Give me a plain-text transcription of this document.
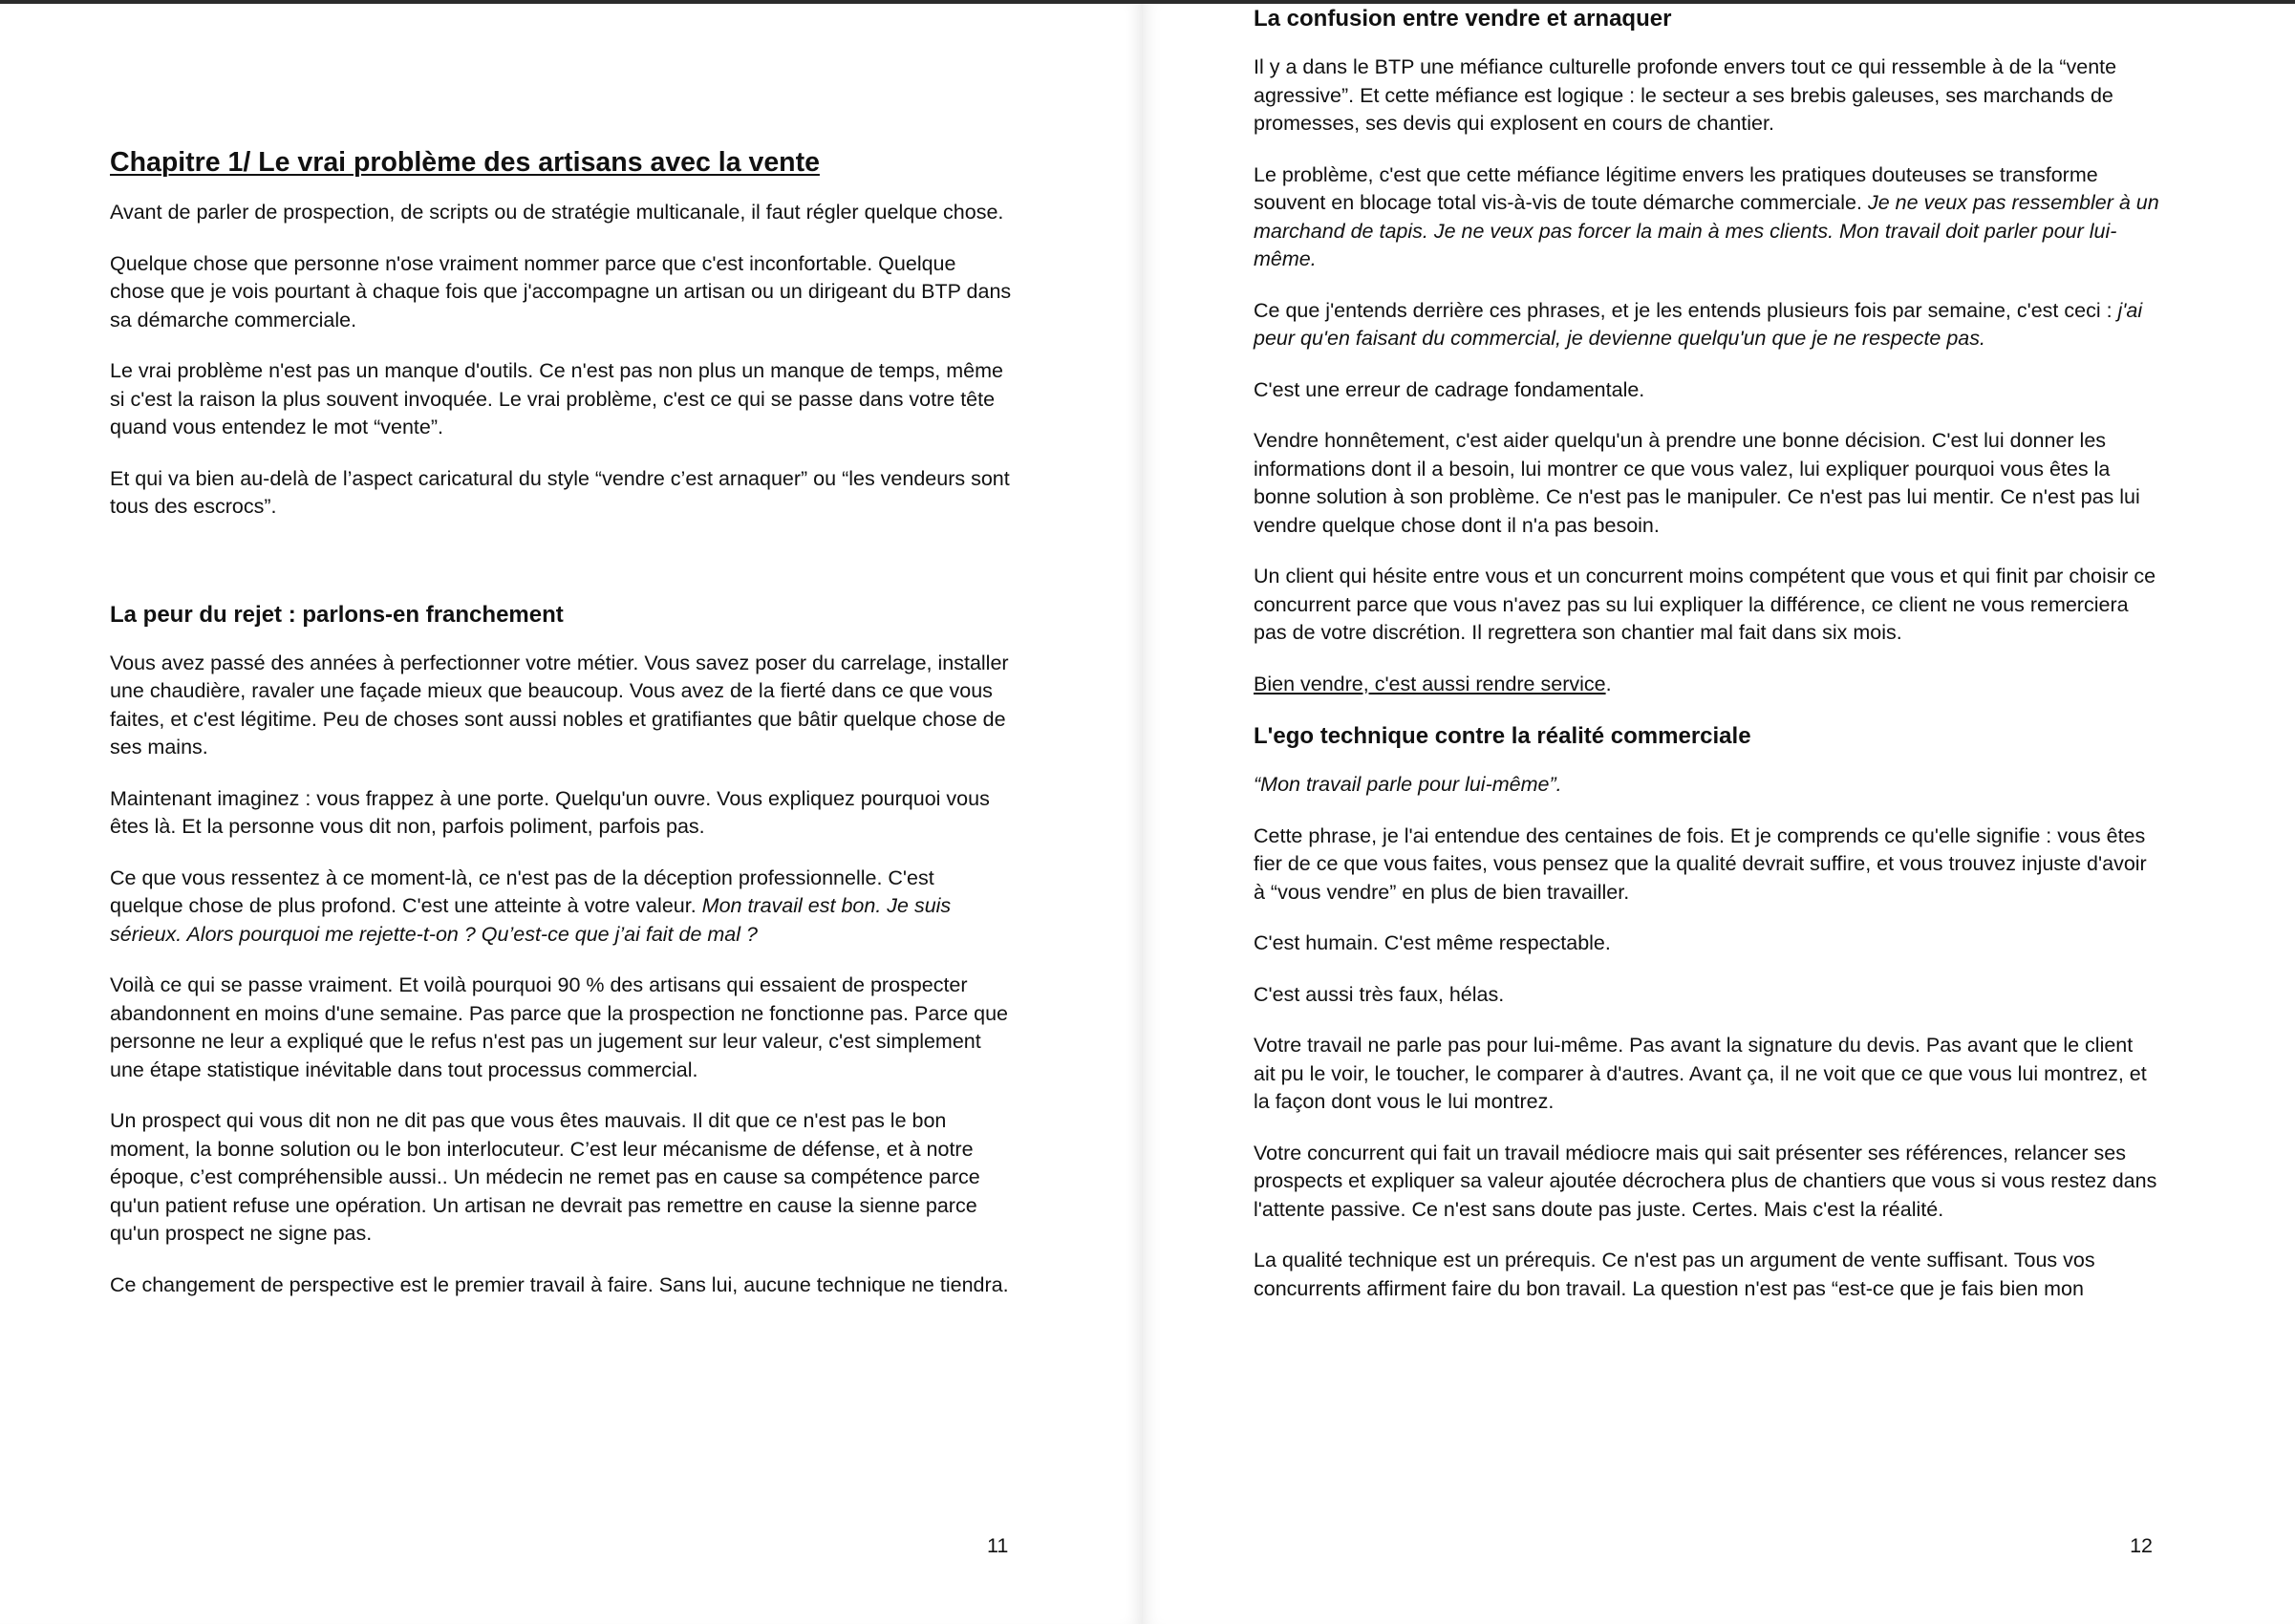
Chapitre 1/ Le vrai problème des artisans avec la vente

Avant de parler de prospection, de scripts ou de stratégie multicanale, il faut régler quelque chose.

Quelque chose que personne n'ose vraiment nommer parce que c'est inconfortable. Quelque chose que je vois pourtant à chaque fois que j'accompagne un artisan ou un dirigeant du BTP dans sa démarche commerciale.

Le vrai problème n'est pas un manque d'outils. Ce n'est pas non plus un manque de temps, même si c'est la raison la plus souvent invoquée. Le vrai problème, c'est ce qui se passe dans votre tête quand vous entendez le mot “vente”.

Et qui va bien au-delà de l’aspect caricatural du style “vendre c’est arnaquer” ou “les vendeurs sont tous des escrocs”.

La peur du rejet : parlons-en franchement

Vous avez passé des années à perfectionner votre métier. Vous savez poser du carrelage, installer une chaudière, ravaler une façade mieux que beaucoup. Vous avez de la fierté dans ce que vous faites, et c'est légitime. Peu de choses sont aussi nobles et gratifiantes que bâtir quelque chose de ses mains.

Maintenant imaginez : vous frappez à une porte. Quelqu'un ouvre. Vous expliquez pourquoi vous êtes là. Et la personne vous dit non, parfois poliment, parfois pas.

Ce que vous ressentez à ce moment-là, ce n'est pas de la déception professionnelle. C'est quelque chose de plus profond. C'est une atteinte à votre valeur. Mon travail est bon. Je suis sérieux. Alors pourquoi me rejette-t-on ? Qu’est-ce que j’ai fait de mal ?

Voilà ce qui se passe vraiment. Et voilà pourquoi 90 % des artisans qui essaient de prospecter abandonnent en moins d'une semaine. Pas parce que la prospection ne fonctionne pas. Parce que personne ne leur a expliqué que le refus n'est pas un jugement sur leur valeur, c'est simplement une étape statistique inévitable dans tout processus commercial.

Un prospect qui vous dit non ne dit pas que vous êtes mauvais. Il dit que ce n'est pas le bon moment, la bonne solution ou le bon interlocuteur. C’est leur mécanisme de défense, et à notre époque, c’est compréhensible aussi.. Un médecin ne remet pas en cause sa compétence parce qu'un patient refuse une opération. Un artisan ne devrait pas remettre en cause la sienne parce qu'un prospect ne signe pas.

Ce changement de perspective est le premier travail à faire. Sans lui, aucune technique ne tiendra.

11
La confusion entre vendre et arnaquer

Il y a dans le BTP une méfiance culturelle profonde envers tout ce qui ressemble à de la “vente agressive”. Et cette méfiance est logique : le secteur a ses brebis galeuses, ses marchands de promesses, ses devis qui explosent en cours de chantier.

Le problème, c'est que cette méfiance légitime envers les pratiques douteuses se transforme souvent en blocage total vis-à-vis de toute démarche commerciale. Je ne veux pas ressembler à un marchand de tapis. Je ne veux pas forcer la main à mes clients. Mon travail doit parler pour lui-même.

Ce que j'entends derrière ces phrases, et je les entends plusieurs fois par semaine, c'est ceci : j'ai peur qu'en faisant du commercial, je devienne quelqu'un que je ne respecte pas.

C'est une erreur de cadrage fondamentale.

Vendre honnêtement, c'est aider quelqu'un à prendre une bonne décision. C'est lui donner les informations dont il a besoin, lui montrer ce que vous valez, lui expliquer pourquoi vous êtes la bonne solution à son problème. Ce n'est pas le manipuler. Ce n'est pas lui mentir. Ce n'est pas lui vendre quelque chose dont il n'a pas besoin.

Un client qui hésite entre vous et un concurrent moins compétent que vous et qui finit par choisir ce concurrent parce que vous n'avez pas su lui expliquer la différence, ce client ne vous remerciera pas de votre discrétion. Il regrettera son chantier mal fait dans six mois.

Bien vendre, c'est aussi rendre service.

L'ego technique contre la réalité commerciale

“Mon travail parle pour lui-même”.

Cette phrase, je l'ai entendue des centaines de fois. Et je comprends ce qu'elle signifie : vous êtes fier de ce que vous faites, vous pensez que la qualité devrait suffire, et vous trouvez injuste d'avoir à “vous vendre” en plus de bien travailler.

C'est humain. C'est même respectable.

C'est aussi très faux, hélas.

Votre travail ne parle pas pour lui-même. Pas avant la signature du devis. Pas avant que le client ait pu le voir, le toucher, le comparer à d'autres. Avant ça, il ne voit que ce que vous lui montrez, et la façon dont vous le lui montrez.

Votre concurrent qui fait un travail médiocre mais qui sait présenter ses références, relancer ses prospects et expliquer sa valeur ajoutée décrochera plus de chantiers que vous si vous restez dans l'attente passive. Ce n'est sans doute pas juste. Certes. Mais c'est la réalité.

La qualité technique est un prérequis. Ce n'est pas un argument de vente suffisant. Tous vos concurrents affirment faire du bon travail. La question n'est pas “est-ce que je fais bien mon

12
